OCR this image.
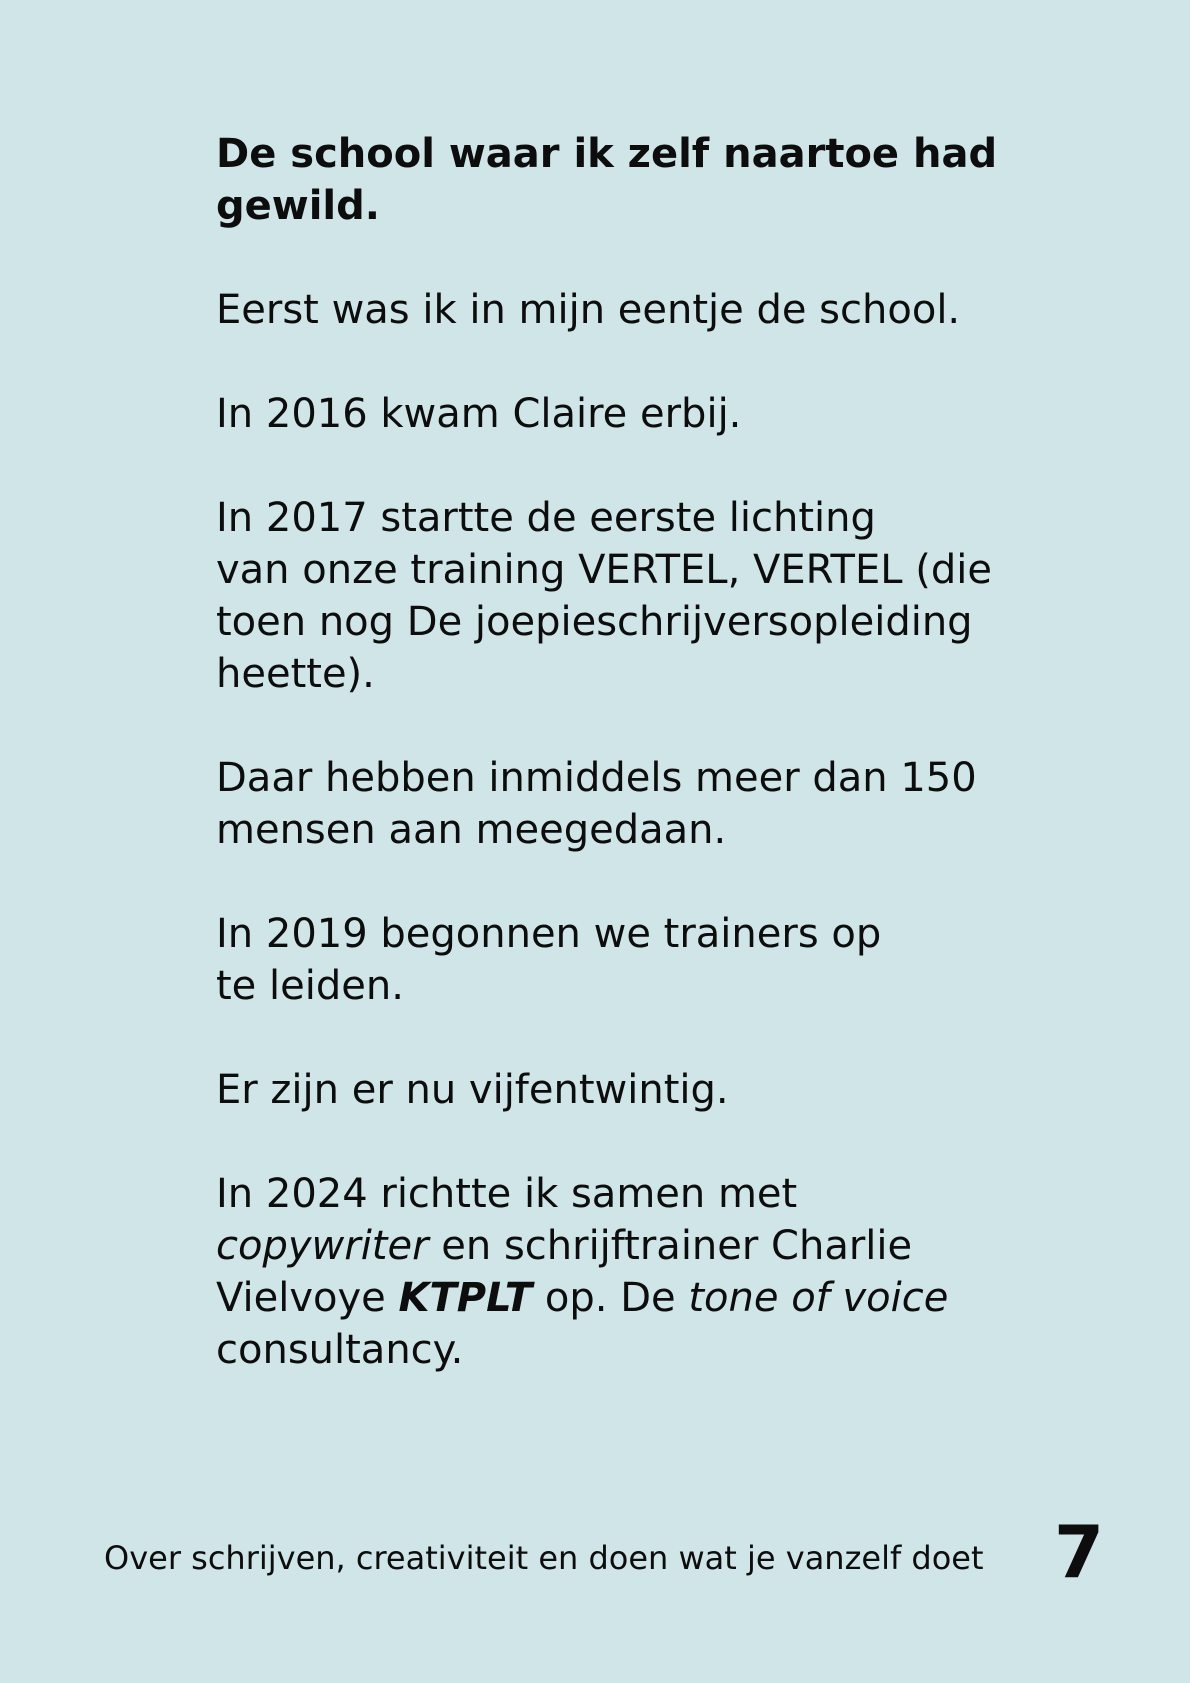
De school waar ik zelf naartoe had
gewild.

Eerst was ik in mijn eentje de school.

In 2016 kwam Claire erbij.

In 2017 startte de eerste lichting
van onze training VERTEL, VERTEL (die
toen nog De joepieschrijversopleiding
heette).

Daar hebben inmiddels meer dan 150
mensen aan meegedaan.

In 2019 begonnen we trainers op
te leiden.

Er zijn er nu vijfentwintig.

In 2024 richtte ik samen met
copywriter en schrijftrainer Charlie
Vielvoye KTPLT op. De tone of voice
consultancy.

Over schrijven, creativiteit en doen wat je vanzelf doet 7
